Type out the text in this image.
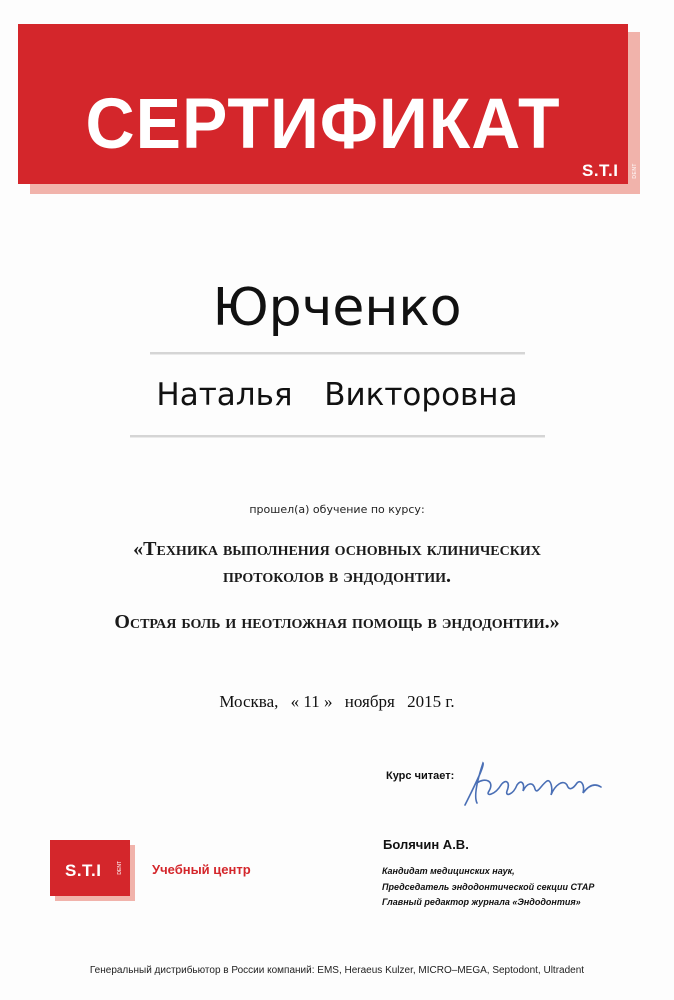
СЕРТИФИКАТ
S.T.I	DENT
Юрченко
Наталья  Викторовна
прошел(а) обучение по курсу:
«Техника выполнения основных клинических
протоколов в эндодонтии.
Острая боль и неотложная помощь в эндодонтии.»
Москва, « 11 » ноября 2015 г.
Курс читает:
Болячин А.В.
Кандидат медицинских наук,
Председатель эндодонтической секции СТАР
Главный редактор журнала «Эндодонтия»
S.T.I	DENT Учебный центр
Генеральный дистрибьютор в России компаний: EMS, Heraeus Kulzer, MICRO–MEGA, Septodont, Ultradent
